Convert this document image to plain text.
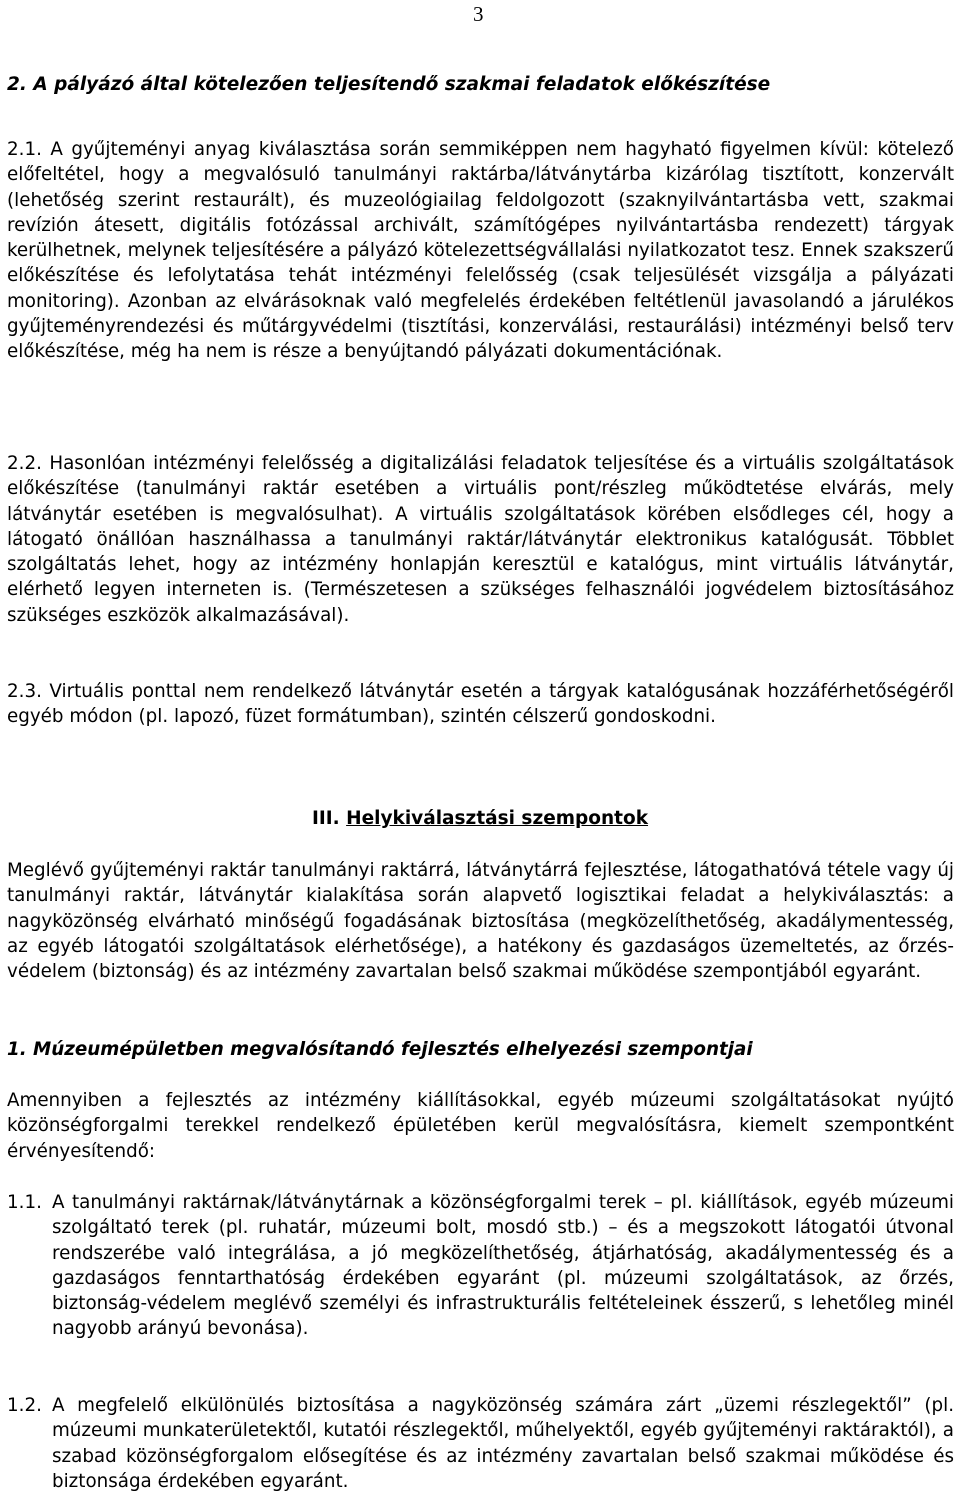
3
2. A pályázó által kötelezően teljesítendő szakmai feladatok előkészítése
2.1. A gyűjteményi anyag kiválasztása során semmiképpen nem hagyható figyelmen kívül: kötelező előfeltétel, hogy a megvalósuló tanulmányi raktárba/látványtárba kizárólag tisztított, konzervált (lehetőség szerint restaurált), és muzeológiailag feldolgozott (szaknyilvántartásba vett, szakmai revízión átesett, digitális fotózással archivált, számítógépes nyilvántartásba rendezett) tárgyak kerülhetnek, melynek teljesítésére a pályázó kötelezettségvállalási nyilatkozatot tesz. Ennek szakszerű előkészítése és lefolytatása tehát intézményi felelősség (csak teljesülését vizsgálja a pályázati monitoring). Azonban az elvárásoknak való megfelelés érdekében feltétlenül javasolandó a járulékos gyűjteményrendezési és műtárgyvédelmi (tisztítási, konzerválási, restaurálási) intézményi belső terv előkészítése, még ha nem is része a benyújtandó pályázati dokumentációnak.
2.2. Hasonlóan intézményi felelősség a digitalizálási feladatok teljesítése és a virtuális szolgáltatások előkészítése (tanulmányi raktár esetében a virtuális pont/részleg működtetése elvárás, mely látványtár esetében is megvalósulhat). A virtuális szolgáltatások körében elsődleges cél, hogy a látogató önállóan használhassa a tanulmányi raktár/látványtár elektronikus katalógusát. Többlet szolgáltatás lehet, hogy az intézmény honlapján keresztül e katalógus, mint virtuális látványtár, elérhető legyen interneten is. (Természetesen a szükséges felhasználói jogvédelem biztosításához szükséges eszközök alkalmazásával).
2.3. Virtuális ponttal nem rendelkező látványtár esetén a tárgyak katalógusának hozzáférhetőségéről egyéb módon (pl. lapozó, füzet formátumban), szintén célszerű gondoskodni.
III. Helykiválasztási szempontok
Meglévő gyűjteményi raktár tanulmányi raktárrá, látványtárrá fejlesztése, látogathatóvá tétele vagy új tanulmányi raktár, látványtár kialakítása során alapvető logisztikai feladat a helykiválasztás: a nagyközönség elvárható minőségű fogadásának biztosítása (megközelíthetőség, akadálymentesség, az egyéb látogatói szolgáltatások elérhetősége), a hatékony és gazdaságos üzemeltetés, az őrzés-védelem (biztonság) és az intézmény zavartalan belső szakmai működése szempontjából egyaránt.
1. Múzeumépületben megvalósítandó fejlesztés elhelyezési szempontjai
Amennyiben a fejlesztés az intézmény kiállításokkal, egyéb múzeumi szolgáltatásokat nyújtó közönségforgalmi terekkel rendelkező épületében kerül megvalósításra, kiemelt szempontként érvényesítendő:
1.1. A tanulmányi raktárnak/látványtárnak a közönségforgalmi terek – pl. kiállítások, egyéb múzeumi szolgáltató terek (pl. ruhatár, múzeumi bolt, mosdó stb.) – és a megszokott látogatói útvonal rendszerébe való integrálása, a jó megközelíthetőség, átjárhatóság, akadálymentesség és a gazdaságos fenntarthatóság érdekében egyaránt (pl. múzeumi szolgáltatások, az őrzés, biztonság-védelem meglévő személyi és infrastrukturális feltételeinek ésszerű, s lehetőleg minél nagyobb arányú bevonása).
1.2. A megfelelő elkülönülés biztosítása a nagyközönség számára zárt „üzemi részlegektől” (pl. múzeumi munkaterületektől, kutatói részlegektől, műhelyektől, egyéb gyűjteményi raktáraktól), a szabad közönségforgalom elősegítése és az intézmény zavartalan belső szakmai működése és biztonsága érdekében egyaránt.
